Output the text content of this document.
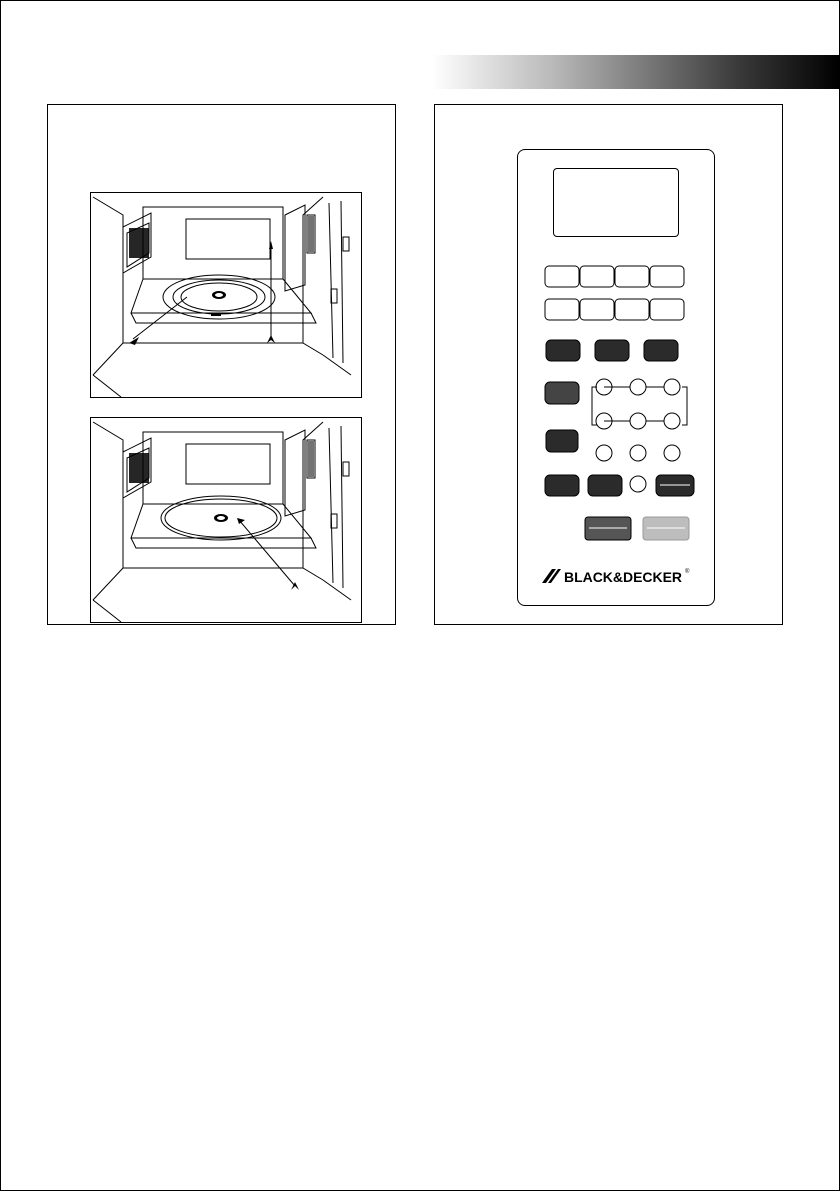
BLACK&DECKER ®
